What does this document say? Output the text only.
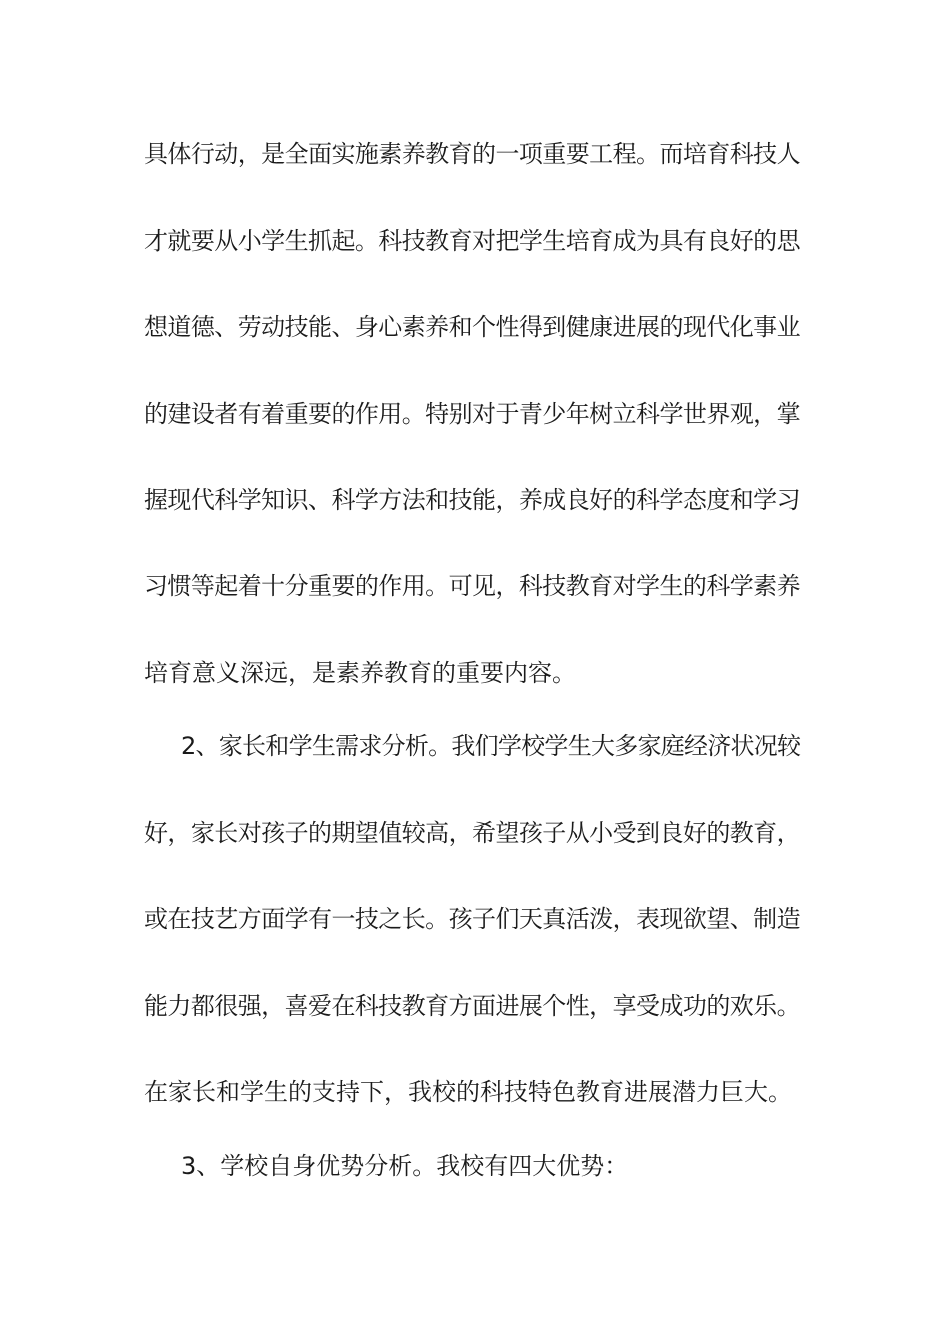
具体行动，是全面实施素养教育的一项重要工程。而培育科技人
才就要从小学生抓起。科技教育对把学生培育成为具有良好的思
想道德、劳动技能、身心素养和个性得到健康进展的现代化事业
的建设者有着重要的作用。特别对于青少年树立科学世界观，掌
握现代科学知识、科学方法和技能，养成良好的科学态度和学习
习惯等起着十分重要的作用。可见，科技教育对学生的科学素养
培育意义深远，是素养教育的重要内容。
2、家长和学生需求分析。我们学校学生大多家庭经济状况较
好，家长对孩子的期望值较高，希望孩子从小受到良好的教育，
或在技艺方面学有一技之长。孩子们天真活泼，表现欲望、制造
能力都很强，喜爱在科技教育方面进展个性，享受成功的欢乐。
在家长和学生的支持下，我校的科技特色教育进展潜力巨大。
3、学校自身优势分析。我校有四大优势：
